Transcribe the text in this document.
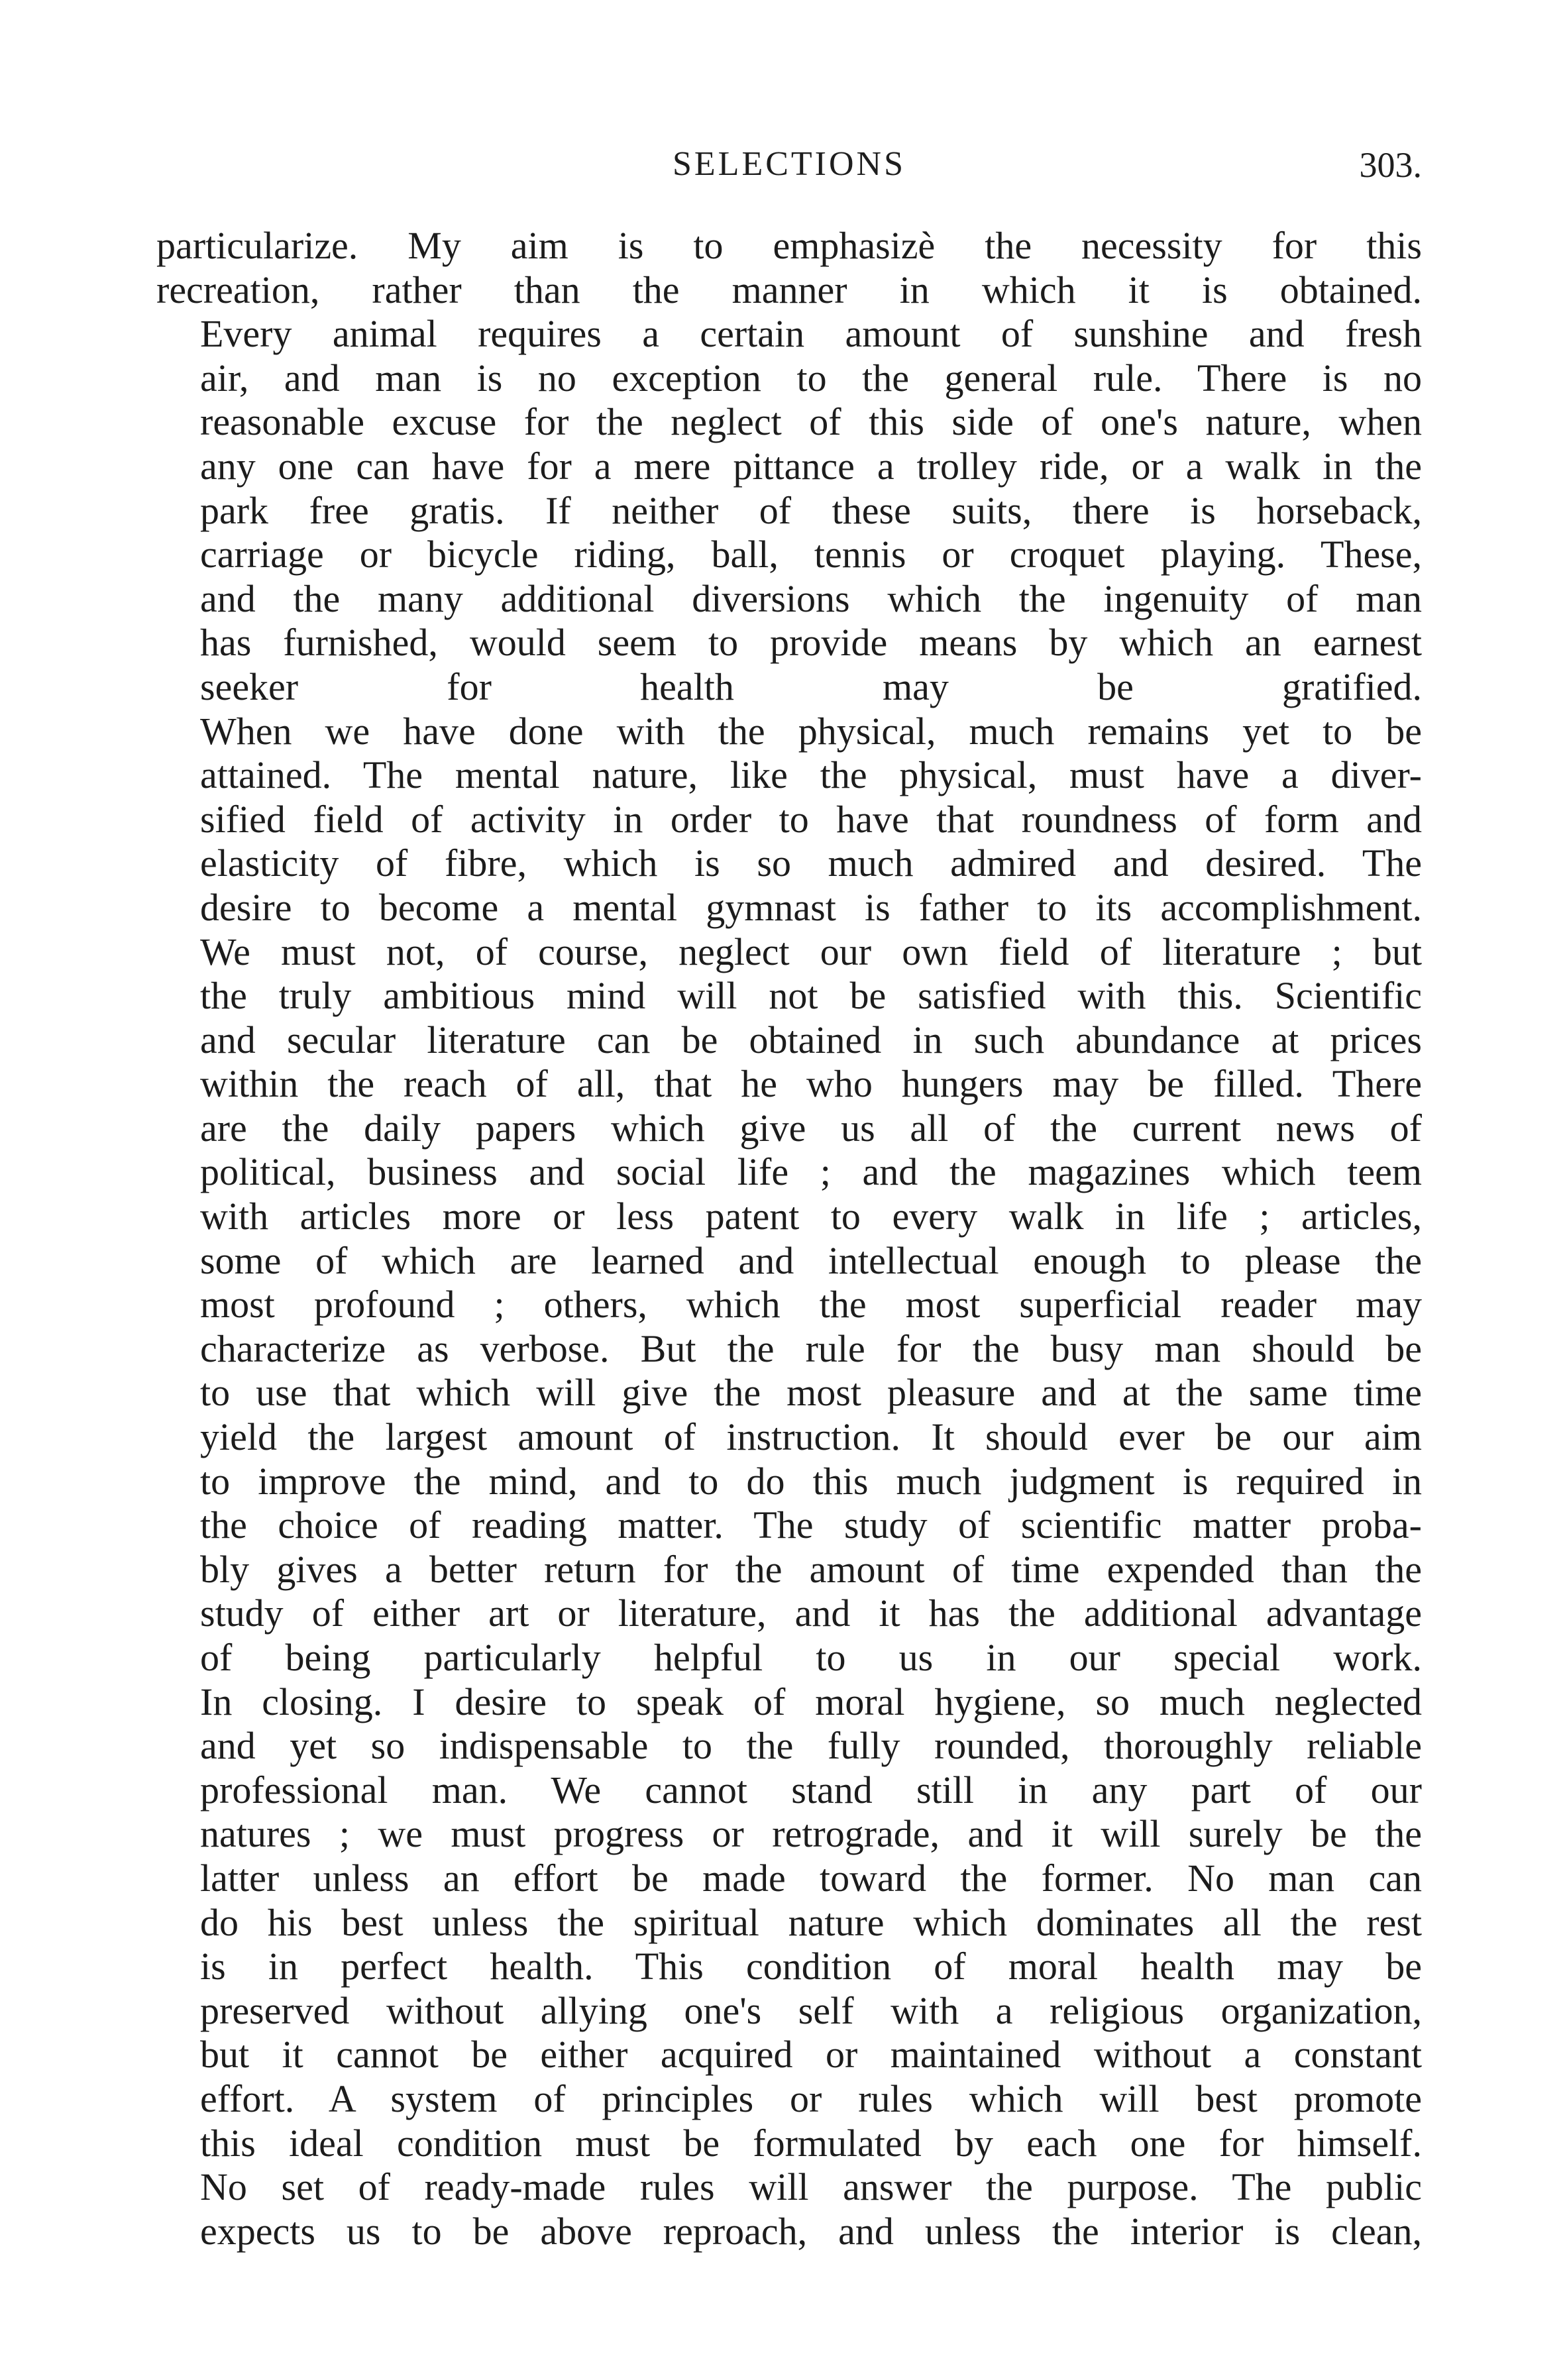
SELECTIONS	303.

particularize. My aim is to emphasizè the necessity for this
recreation, rather than the manner in which it is obtained.

Every animal requires a certain amount of sunshine and fresh
air, and man is no exception to the general rule. There is no
reasonable excuse for the neglect of this side of one's nature, when
any one can have for a mere pittance a trolley ride, or a walk in the
park free gratis. If neither of these suits, there is horseback,
carriage or bicycle riding, ball, tennis or croquet playing. These,
and the many additional diversions which the ingenuity of man
has furnished, would seem to provide means by which an earnest
seeker for health may be gratified.

When we have done with the physical, much remains yet to be
attained. The mental nature, like the physical, must have a diver-
sified field of activity in order to have that roundness of form and
elasticity of fibre, which is so much admired and desired. The
desire to become a mental gymnast is father to its accomplishment.

We must not, of course, neglect our own field of literature ; but
the truly ambitious mind will not be satisfied with this. Scientific
and secular literature can be obtained in such abundance at prices
within the reach of all, that he who hungers may be filled. There
are the daily papers which give us all of the current news of
political, business and social life ; and the magazines which teem
with articles more or less patent to every walk in life ; articles,
some of which are learned and intellectual enough to please the
most profound ; others, which the most superficial reader may
characterize as verbose. But the rule for the busy man should be
to use that which will give the most pleasure and at the same time
yield the largest amount of instruction. It should ever be our aim
to improve the mind, and to do this much judgment is required in
the choice of reading matter. The study of scientific matter proba-
bly gives a better return for the amount of time expended than the
study of either art or literature, and it has the additional advantage
of being particularly helpful to us in our special work.

In closing. I desire to speak of moral hygiene, so much neglected
and yet so indispensable to the fully rounded, thoroughly reliable
professional man. We cannot stand still in any part of our
natures ; we must progress or retrograde, and it will surely be the
latter unless an effort be made toward the former. No man can
do his best unless the spiritual nature which dominates all the rest
is in perfect health. This condition of moral health may be
preserved without allying one's self with a religious organization,
but it cannot be either acquired or maintained without a constant
effort. A system of principles or rules which will best promote
this ideal condition must be formulated by each one for himself.
No set of ready-made rules will answer the purpose. The public
expects us to be above reproach, and unless the interior is clean,
